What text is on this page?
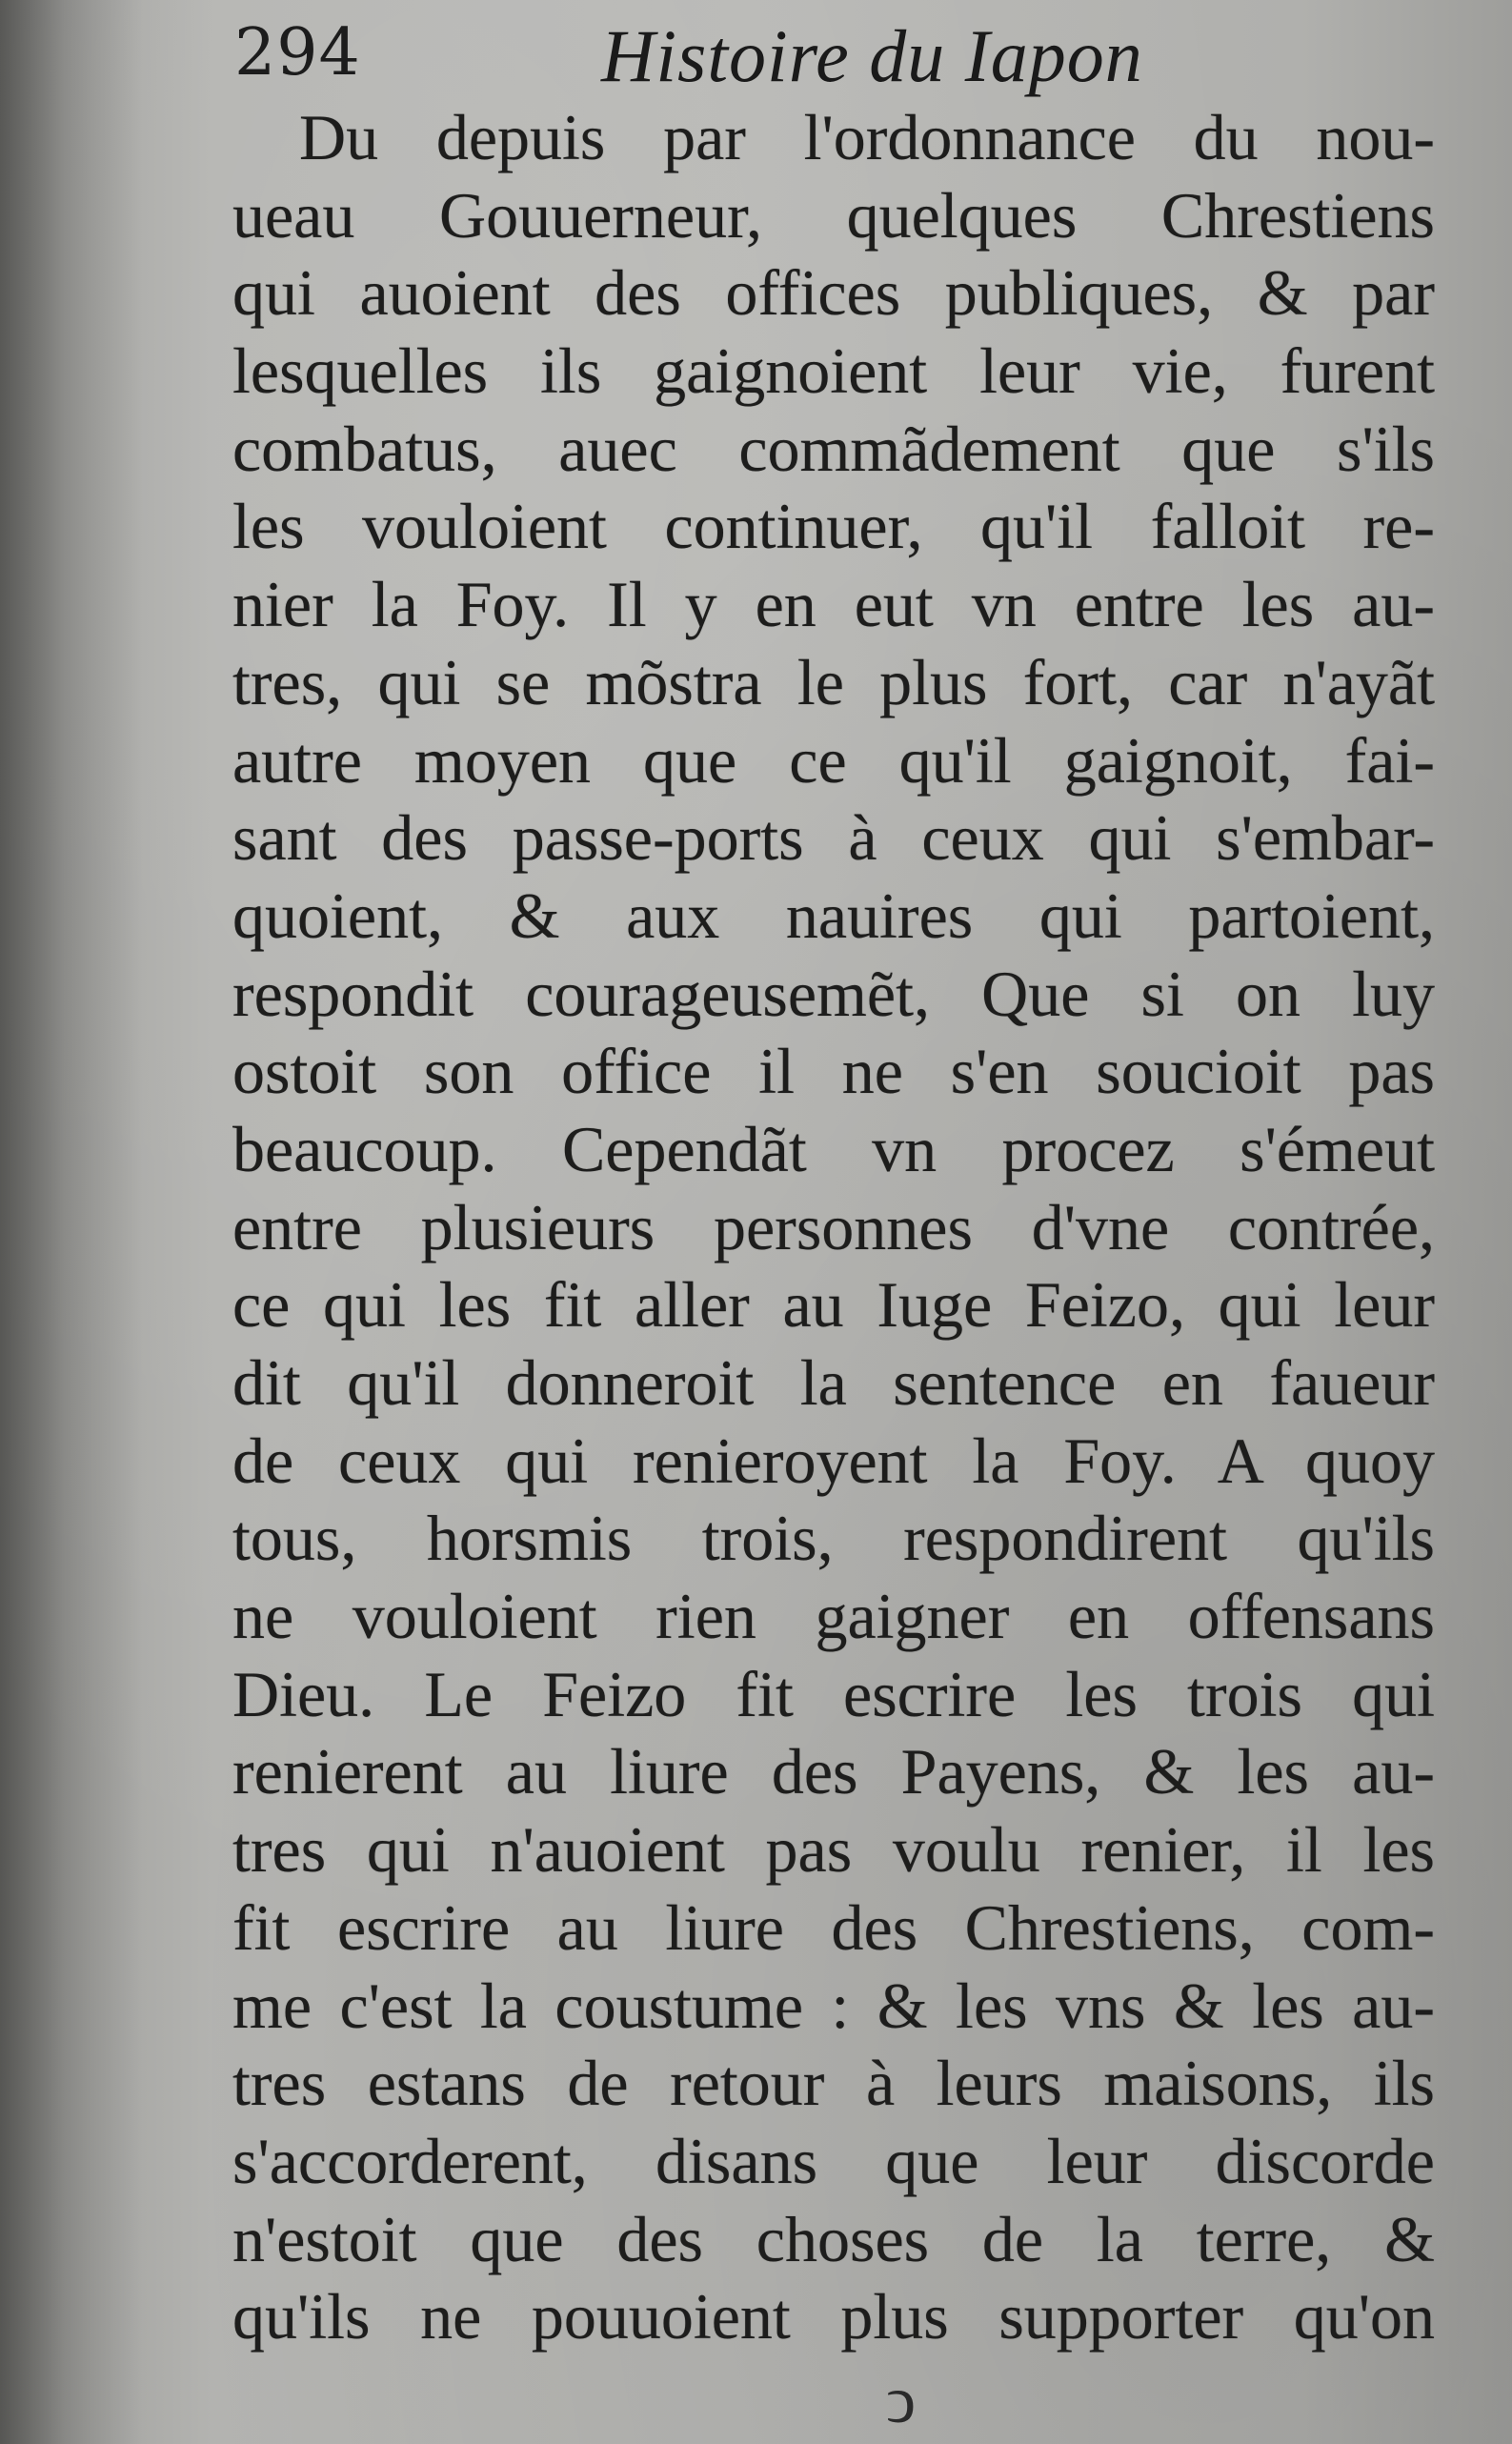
294	Histoire du Iapon
Du depuis par l'ordonnance du nou-
ueau Gouuerneur, quelques Chrestiens
qui auoient des offices publiques, & par
lesquelles ils gaignoient leur vie, furent
combatus, auec commãdement que s'ils
les vouloient continuer, qu'il falloit re-
nier la Foy. Il y en eut vn entre les au-
tres, qui se mõstra le plus fort, car n'ayãt
autre moyen que ce qu'il gaignoit, fai-
sant des passe-ports à ceux qui s'embar-
quoient, & aux nauires qui partoient,
respondit courageusemẽt, Que si on luy
ostoit son office il ne s'en soucioit pas
beaucoup. Cependãt vn procez s'émeut
entre plusieurs personnes d'vne contrée,
ce qui les fit aller au Iuge Feizo, qui leur
dit qu'il donneroit la sentence en faueur
de ceux qui renieroyent la Foy. A quoy
tous, horsmis trois, respondirent qu'ils
ne vouloient rien gaigner en offensans
Dieu. Le Feizo fit escrire les trois qui
renierent au liure des Payens, & les au-
tres qui n'auoient pas voulu renier, il les
fit escrire au liure des Chrestiens, com-
me c'est la coustume : & les vns & les au-
tres estans de retour à leurs maisons, ils
s'accorderent, disans que leur discorde
n'estoit que des choses de la terre, &
qu'ils ne pouuoient plus supporter qu'on
ↄ
